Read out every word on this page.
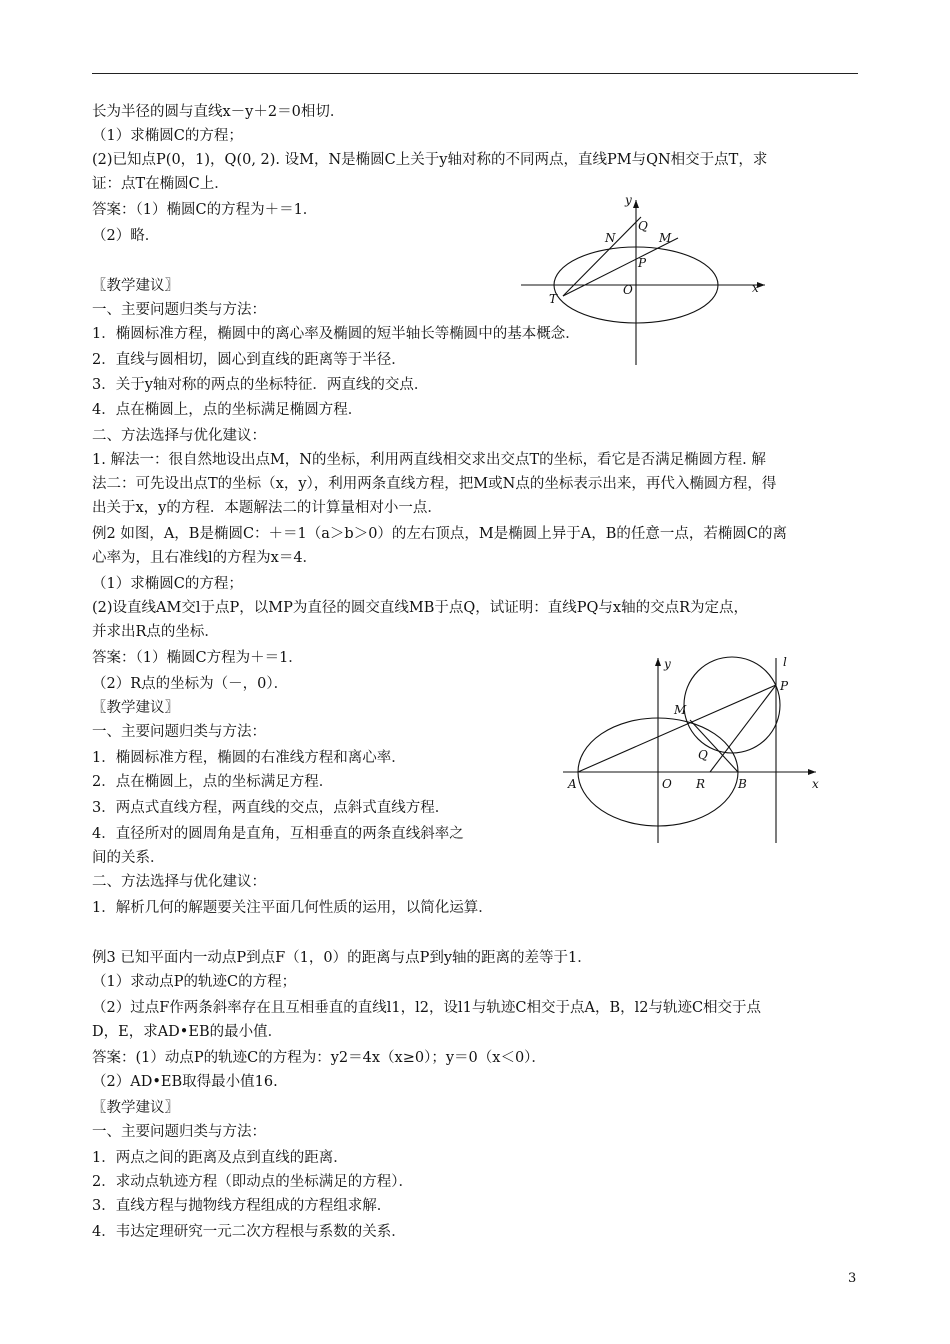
长为半径的圆与直线x－y＋2＝0相切．
（1）求椭圆C的方程；
(2)已知点P(0，1)，Q(0, 2). 设M，N是椭圆C上关于y轴对称的不同两点，直线PM与QN相交于点T，求
证：点T在椭圆C上．
答案：（1）椭圆C的方程为＋＝1．
（2）略．
〖教学建议〗
一、主要问题归类与方法：
1．椭圆标准方程，椭圆中的离心率及椭圆的短半轴长等椭圆中的基本概念．
2．直线与圆相切，圆心到直线的距离等于半径．
3．关于y轴对称的两点的坐标特征．两直线的交点．
4．点在椭圆上，点的坐标满足椭圆方程．
二、方法选择与优化建议：
1. 解法一：很自然地设出点M，N的坐标，利用两直线相交求出交点T的坐标，看它是否满足椭圆方程. 解
法二：可先设出点T的坐标（x，y），利用两条直线方程，把M或N点的坐标表示出来，再代入椭圆方程，得
出关于x，y的方程．本题解法二的计算量相对小一点．
例2 如图，A，B是椭圆C：＋＝1（a＞b＞0）的左右顶点，M是椭圆上异于A，B的任意一点，若椭圆C的离
心率为，且右准线l的方程为x＝4．
（1）求椭圆C的方程；
(2)设直线AM交l于点P，以MP为直径的圆交直线MB于点Q，试证明：直线PQ与x轴的交点R为定点，
并求出R点的坐标．
答案：（1）椭圆C方程为＋＝1．
（2）R点的坐标为（－，0）．
〖教学建议〗
一、主要问题归类与方法：
1．椭圆标准方程，椭圆的右准线方程和离心率．
2．点在椭圆上，点的坐标满足方程．
3．两点式直线方程，两直线的交点，点斜式直线方程．
4．直径所对的圆周角是直角，互相垂直的两条直线斜率之
间的关系．
二、方法选择与优化建议：
1．解析几何的解题要关注平面几何性质的运用，以简化运算．
例3 已知平面内一动点P到点F（1，0）的距离与点P到y轴的距离的差等于1．
（1）求动点P的轨迹C的方程；
（2）过点F作两条斜率存在且互相垂直的直线l1，l2，设l1与轨迹C相交于点A，B，l2与轨迹C相交于点
D，E，求AD•EB的最小值．
答案：(1）动点P的轨迹C的方程为：y2＝4x（x≥0）；y＝0（x＜0）．
（2）AD•EB取得最小值16.
〖教学建议〗
一、主要问题归类与方法：
1．两点之间的距离及点到直线的距离．
2．求动点轨迹方程（即动点的坐标满足的方程）．
3．直线方程与抛物线方程组成的方程组求解．
4．韦达定理研究一元二次方程根与系数的关系．
y
x
O
Q
N	M
P
T
y
x
O
l
P
M
Q
A	R	B
3
